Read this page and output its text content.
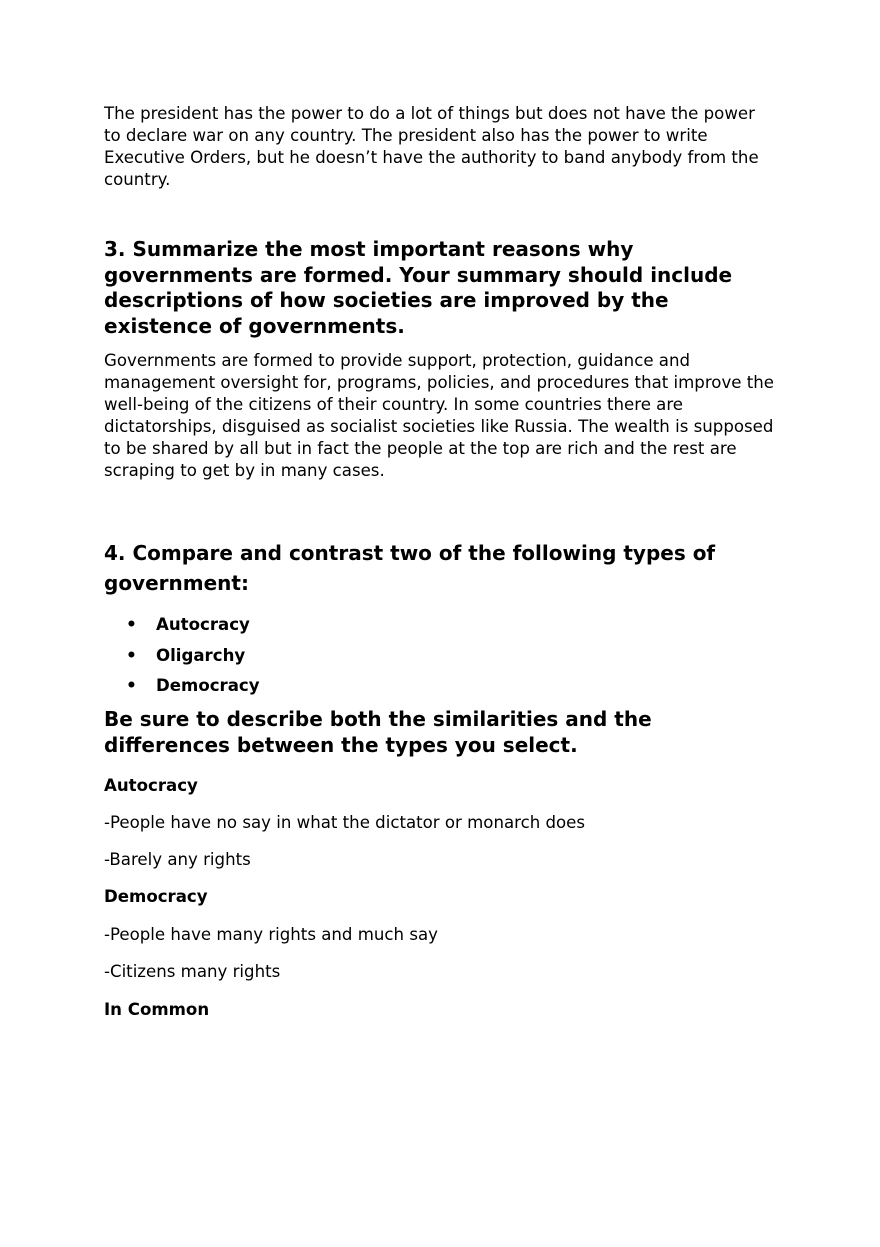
The president has the power to do a lot of things but does not have the power to declare war on any country. The president also has the power to write Executive Orders, but he doesn’t have the authority to band anybody from the country.

3. Summarize the most important reasons why governments are formed. Your summary should include descriptions of how societies are improved by the existence of governments.

Governments are formed to provide support, protection, guidance and management oversight for, programs, policies, and procedures that improve the well-being of the citizens of their country. In some countries there are dictatorships, disguised as socialist societies like Russia. The wealth is supposed to be shared by all but in fact the people at the top are rich and the rest are scraping to get by in many cases.

4. Compare and contrast two of the following types of
government:
• Autocracy
• Oligarchy
• Democracy
Be sure to describe both the similarities and the differences between the types you select.
Autocracy
-People have no say in what the dictator or monarch does
-Barely any rights
Democracy
-People have many rights and much say
-Citizens many rights
In Common
